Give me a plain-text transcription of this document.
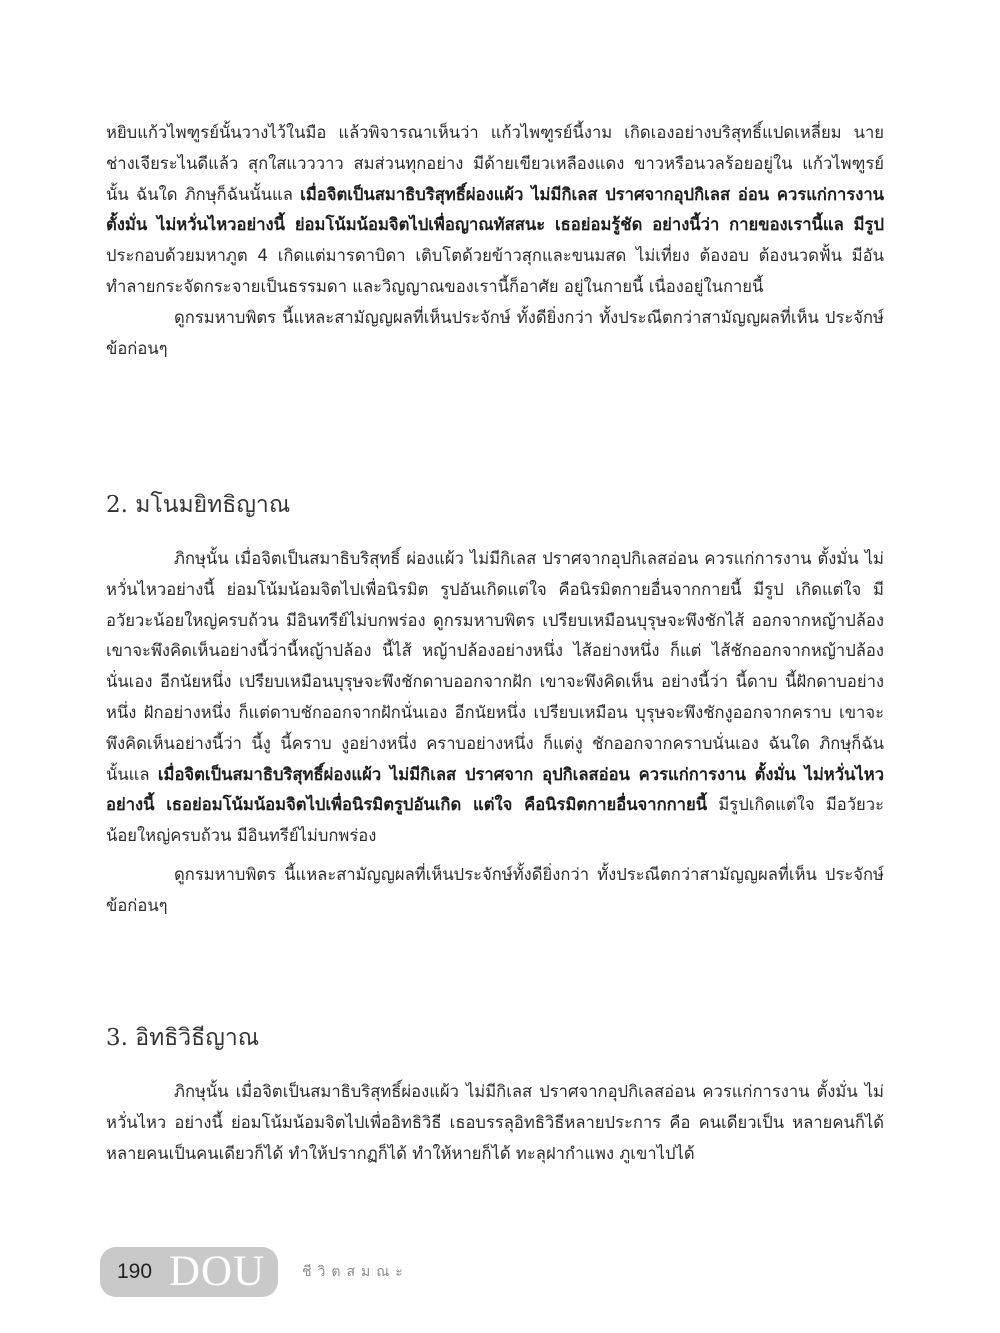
หยิบแก้วไพฑูรย์นั้นวางไว้ในมือ แล้วพิจารณาเห็นว่า แก้วไพฑูรย์นี้งาม เกิดเองอย่างบริสุทธิ์แปดเหลี่ยม นายช่างเจียระไนดีแล้ว สุกใสแวววาว สมส่วนทุกอย่าง มีด้ายเขียวเหลืองแดง ขาวหรือนวลร้อยอยู่ใน แก้วไพฑูรย์นั้น ฉันใด ภิกษุก็ฉันนั้นแล เมื่อจิตเป็นสมาธิบริสุทธิ์ผ่องแผ้ว ไม่มีกิเลส ปราศจากอุปกิเลส อ่อน ควรแก่การงาน ตั้งมั่น ไม่หวั่นไหวอย่างนี้ ย่อมโน้มน้อมจิตไปเพื่อญาณทัสสนะ เธอย่อมรู้ชัด อย่างนี้ว่า กายของเรานี้แล มีรูป ประกอบด้วยมหาภูต 4 เกิดแต่มารดาบิดา เติบโตด้วยข้าวสุกและขนมสด ไม่เที่ยง ต้องอบ ต้องนวดฟั้น มีอันทำลายกระจัดกระจายเป็นธรรมดา และวิญญาณของเรานี้ก็อาศัย อยู่ในกายนี้ เนื่องอยู่ในกายนี้

ดูกรมหาบพิตร นี้แหละสามัญญผลที่เห็นประจักษ์ ทั้งดียิ่งกว่า ทั้งประณีตกว่าสามัญญผลที่เห็น ประจักษ์ข้อก่อนๆ

2. มโนมยิทธิญาณ

ภิกษุนั้น เมื่อจิตเป็นสมาธิบริสุทธิ์ ผ่องแผ้ว ไม่มีกิเลส ปราศจากอุปกิเลสอ่อน ควรแก่การงาน ตั้งมั่น ไม่หวั่นไหวอย่างนี้ ย่อมโน้มน้อมจิตไปเพื่อนิรมิต รูปอันเกิดแต่ใจ คือนิรมิตกายอื่นจากกายนี้ มีรูป เกิดแต่ใจ มีอวัยวะน้อยใหญ่ครบถ้วน มีอินทรีย์ไม่บกพร่อง ดูกรมหาบพิตร เปรียบเหมือนบุรุษจะพึงชักไส้ ออกจากหญ้าปล้อง เขาจะพึงคิดเห็นอย่างนี้ว่านี้หญ้าปล้อง นี้ไส้ หญ้าปล้องอย่างหนึ่ง ไส้อย่างหนึ่ง ก็แต่ ไส้ชักออกจากหญ้าปล้องนั่นเอง อีกนัยหนึ่ง เปรียบเหมือนบุรุษจะพึงชักดาบออกจากฝัก เขาจะพึงคิดเห็น อย่างนี้ว่า นี้ดาบ นี้ฝักดาบอย่างหนึ่ง ฝักอย่างหนึ่ง ก็แต่ดาบชักออกจากฝักนั่นเอง อีกนัยหนึ่ง เปรียบเหมือน บุรุษจะพึงชักงูออกจากคราบ เขาจะพึงคิดเห็นอย่างนี้ว่า นี้งู นี้คราบ งูอย่างหนึ่ง คราบอย่างหนึ่ง ก็แต่งู ชักออกจากคราบนั่นเอง ฉันใด ภิกษุก็ฉันนั้นแล เมื่อจิตเป็นสมาธิบริสุทธิ์ผ่องแผ้ว ไม่มีกิเลส ปราศจาก อุปกิเลสอ่อน ควรแก่การงาน ตั้งมั่น ไม่หวั่นไหว อย่างนี้ เธอย่อมโน้มน้อมจิตไปเพื่อนิรมิตรูปอันเกิด แต่ใจ คือนิรมิตกายอื่นจากกายนี้ มีรูปเกิดแต่ใจ มีอวัยวะน้อยใหญ่ครบถ้วน มีอินทรีย์ไม่บกพร่อง

ดูกรมหาบพิตร นี้แหละสามัญญผลที่เห็นประจักษ์ทั้งดียิ่งกว่า ทั้งประณีตกว่าสามัญญผลที่เห็น ประจักษ์ข้อก่อนๆ

3. อิทธิวิธีญาณ

ภิกษุนั้น เมื่อจิตเป็นสมาธิบริสุทธิ์ผ่องแผ้ว ไม่มีกิเลส ปราศจากอุปกิเลสอ่อน ควรแก่การงาน ตั้งมั่น ไม่หวั่นไหว อย่างนี้ ย่อมโน้มน้อมจิตไปเพื่ออิทธิวิธี เธอบรรลุอิทธิวิธีหลายประการ คือ คนเดียวเป็น หลายคนก็ได้ หลายคนเป็นคนเดียวก็ได้ ทำให้ปรากฏก็ได้ ทำให้หายก็ได้ ทะลุฝากำแพง ภูเขาไปได้

190 DOU	ชีวิตสมณะ
